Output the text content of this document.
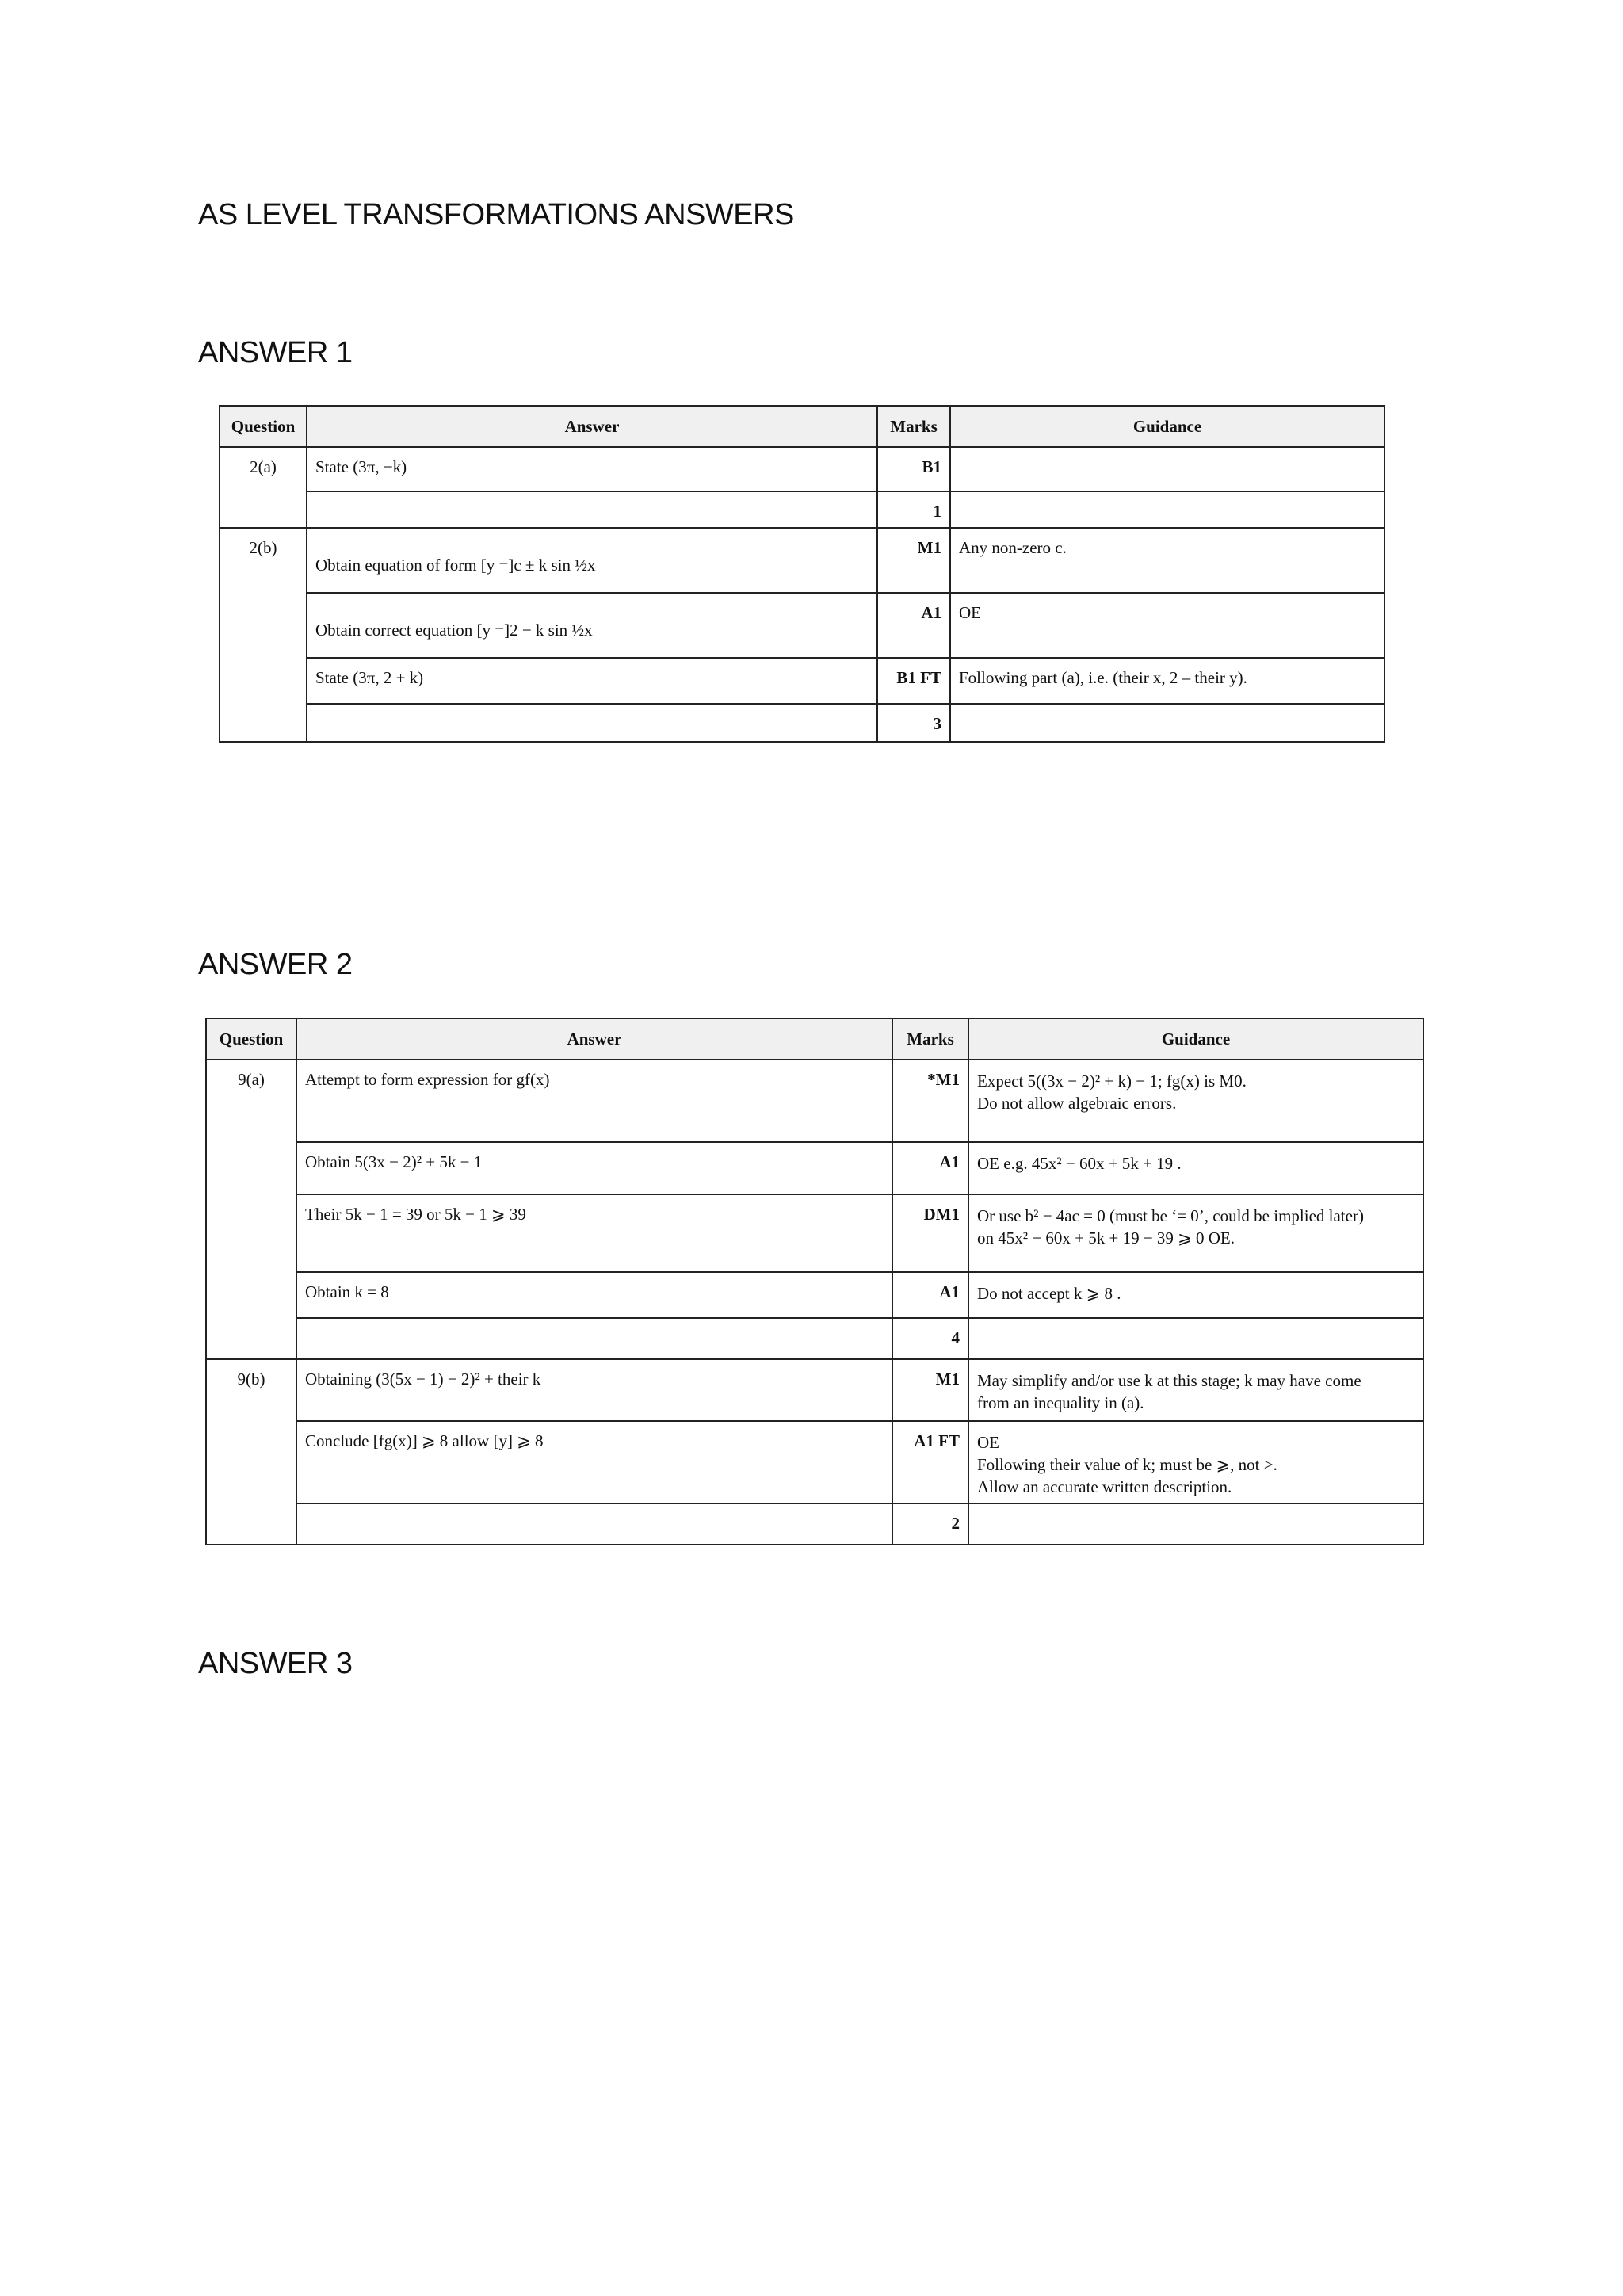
AS LEVEL TRANSFORMATIONS ANSWERS
ANSWER 1
Question	Answer	Marks	Guidance
2(a)	State (3π, −k)	B1	
		1	
2(b)	Obtain equation of form [y =]c ± k sin ½x	M1	Any non-zero c.
	Obtain correct equation [y =]2 − k sin ½x	A1	OE
	State (3π, 2 + k)	B1 FT	Following part (a), i.e. (their x, 2 – their y).
		3	
ANSWER 2
Question	Answer	Marks	Guidance
9(a)	Attempt to form expression for gf(x)	*M1	Expect 5((3x − 2)² + k) − 1; fg(x) is M0.
Do not allow algebraic errors.

	Obtain 5(3x − 2)² + 5k − 1	A1	OE e.g. 45x² − 60x + 5k + 19 .

	Their 5k − 1 = 39 or 5k − 1 ⩾ 39	DM1	Or use b² − 4ac = 0 (must be ‘= 0’, could be implied later)
on 45x² − 60x + 5k + 19 − 39 ⩾ 0 OE.

	Obtain k = 8	A1	Do not accept k ⩾ 8 .

		4	

9(b)	Obtaining (3(5x − 1) − 2)² + their k	M1	May simplify and/or use k at this stage; k may have come
from an inequality in (a).

	Conclude [fg(x)] ⩾ 8 allow [y] ⩾ 8	A1 FT	OE
Following their value of k; must be ⩾, not >.
Allow an accurate written description.

		2	
ANSWER 3
